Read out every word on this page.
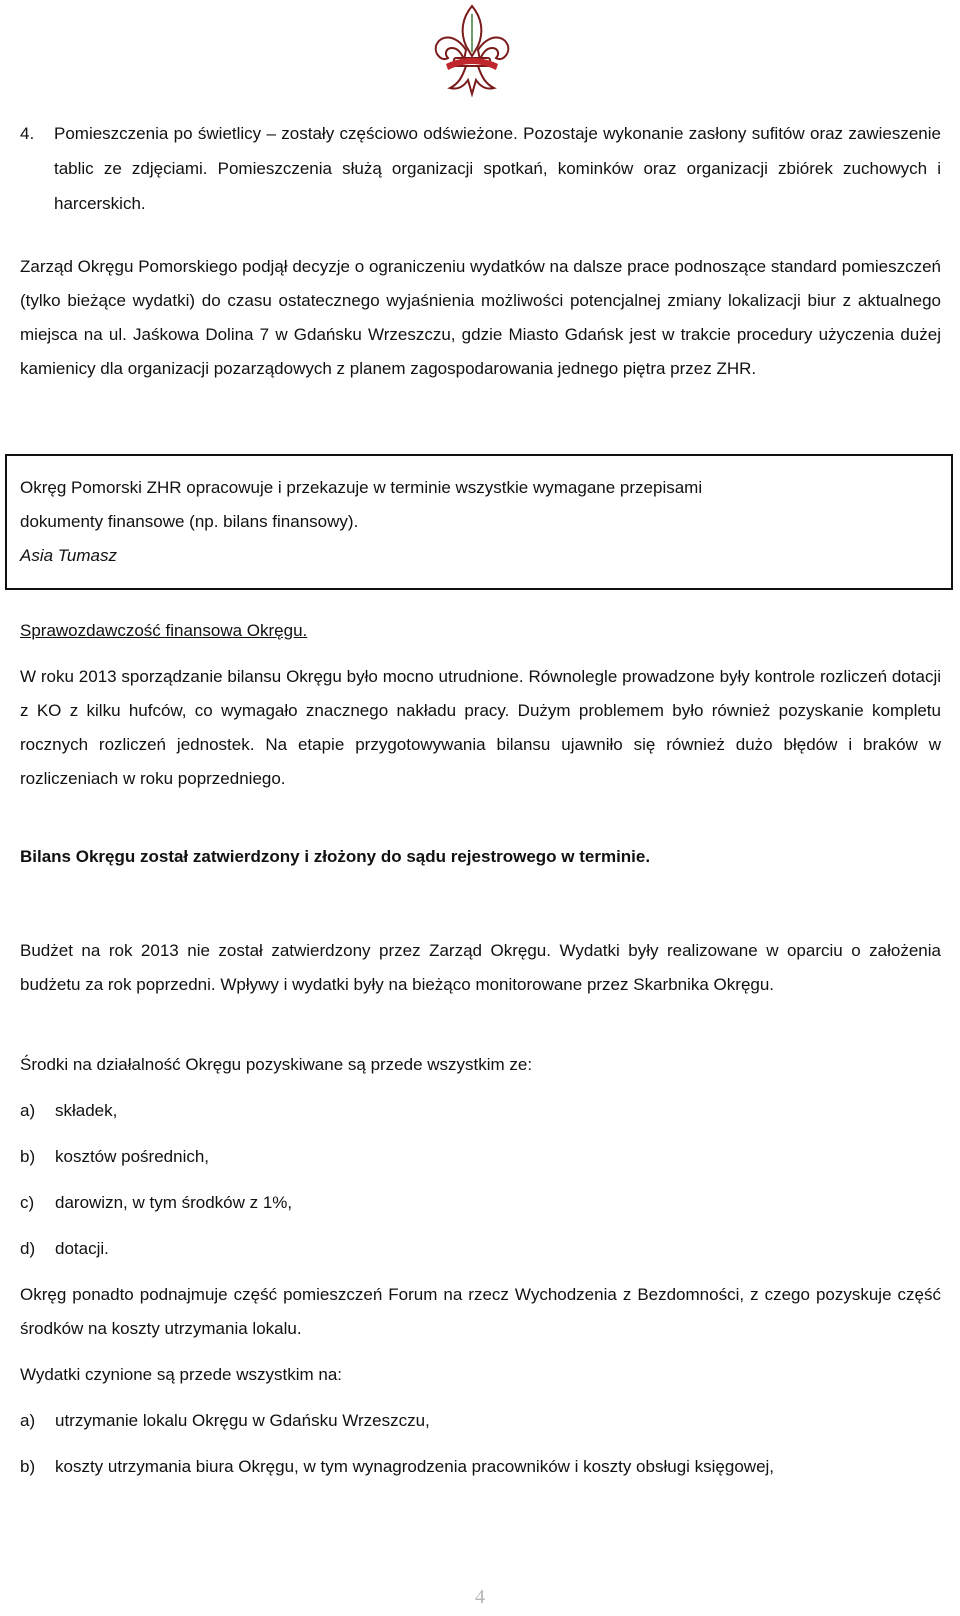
4. Pomieszczenia po świetlicy – zostały częściowo odświeżone. Pozostaje wykonanie zasłony sufitów oraz zawieszenie tablic ze zdjęciami. Pomieszczenia służą organizacji spotkań, kominków oraz organizacji zbiórek zuchowych i harcerskich.

Zarząd Okręgu Pomorskiego podjął decyzje o ograniczeniu wydatków na dalsze prace podnoszące standard pomieszczeń (tylko bieżące wydatki) do czasu ostatecznego wyjaśnienia możliwości potencjalnej zmiany lokalizacji biur z aktualnego miejsca na ul. Jaśkowa Dolina 7 w Gdańsku Wrzeszczu, gdzie Miasto Gdańsk jest w trakcie procedury użyczenia dużej kamienicy dla organizacji pozarządowych z planem zagospodarowania jednego piętra przez ZHR.

Okręg Pomorski ZHR opracowuje i przekazuje w terminie wszystkie wymagane przepisami
dokumenty finansowe (np. bilans finansowy).
Asia Tumasz

Sprawozdawczość finansowa Okręgu.

W roku 2013 sporządzanie bilansu Okręgu było mocno utrudnione. Równolegle prowadzone były kontrole rozliczeń dotacji z KO z kilku hufców, co wymagało znacznego nakładu pracy. Dużym problemem było również pozyskanie kompletu rocznych rozliczeń jednostek. Na etapie przygotowywania bilansu ujawniło się również dużo błędów i braków w rozliczeniach w roku poprzedniego.

Bilans Okręgu został zatwierdzony i złożony do sądu rejestrowego w terminie.

Budżet na rok 2013 nie został zatwierdzony przez Zarząd Okręgu. Wydatki były realizowane w oparciu o założenia budżetu za rok poprzedni. Wpływy i wydatki były na bieżąco monitorowane przez Skarbnika Okręgu.

Środki na działalność Okręgu pozyskiwane są przede wszystkim ze:

a) składek,
b) kosztów pośrednich,
c) darowizn, w tym środków z 1%,
d) dotacji.

Okręg ponadto podnajmuje część pomieszczeń Forum na rzecz Wychodzenia z Bezdomności, z czego pozyskuje część środków na koszty utrzymania lokalu.

Wydatki czynione są przede wszystkim na:

a) utrzymanie lokalu Okręgu w Gdańsku Wrzeszczu,
b) koszty utrzymania biura Okręgu, w tym wynagrodzenia pracowników i koszty obsługi księgowej,
4
